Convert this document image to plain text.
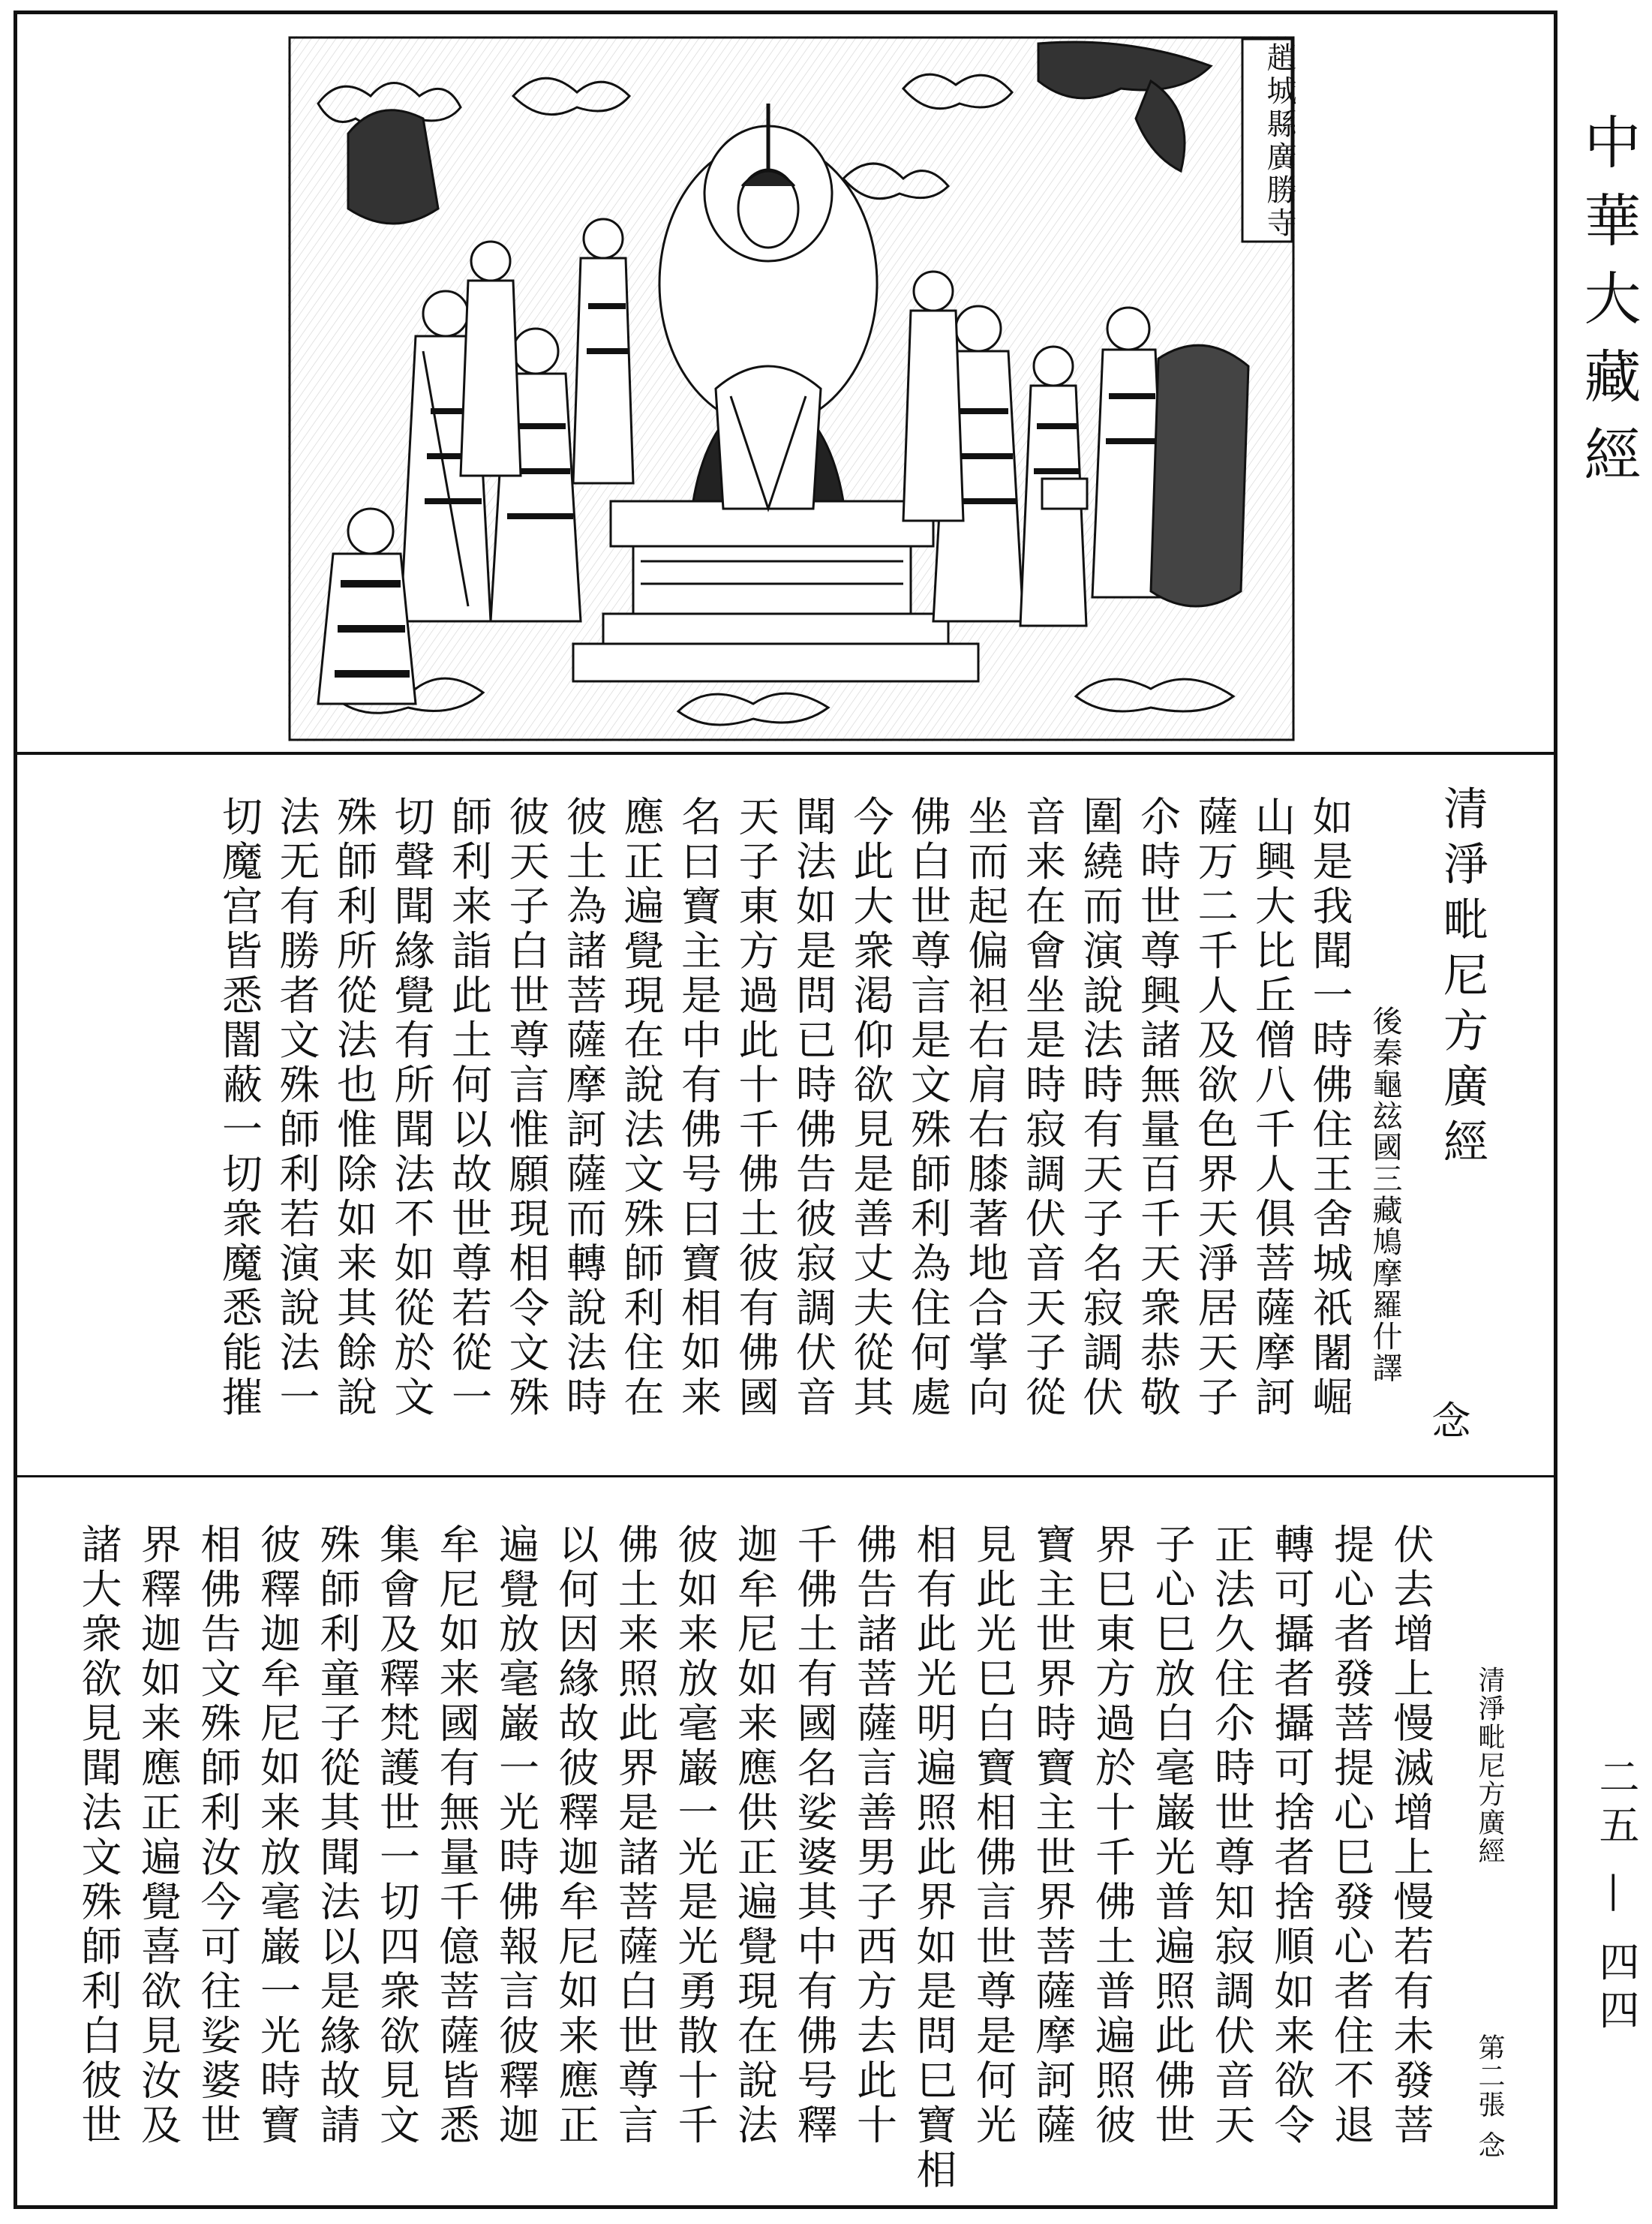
中華大藏經
二五 — 四四
趙城縣廣勝寺
清淨毗尼方廣經
後秦龜玆國三藏鳩摩羅什譯
念
如是我聞一時佛住王舍城祇闍崛
山興大比丘僧八千人俱菩薩摩訶
薩万二千人及欲色界天淨居天子
尒時世尊興諸無量百千天衆恭敬
圍繞而演說法時有天子名寂調伏
音来在會坐是時寂調伏音天子從
坐而起偏袒右肩右膝著地合掌向
佛白世尊言是文殊師利為住何處
今此大衆渇仰欲見是善丈夫從其
聞法如是問已時佛告彼寂調伏音
天子東方過此十千佛土彼有佛國
名曰寶主是中有佛号曰寶相如来
應正遍覺現在說法文殊師利住在
彼土為諸菩薩摩訶薩而轉說法時
彼天子白世尊言惟願現相令文殊
師利来詣此土何以故世尊若從一
切聲聞緣覺有所聞法不如從於文
殊師利所從法也惟除如来其餘說
法无有勝者文殊師利若演說法一
切魔宫皆悉闇蔽一切衆魔悉能摧
清淨毗尼方廣經
第二張
念
伏去增上慢滅增上慢若有未發菩
提心者發菩提心巳發心者住不退
轉可攝者攝可捨者捨順如来欲令
正法久住尒時世尊知寂調伏音天
子心巳放白毫巌光普遍照此佛世
界巳東方過於十千佛土普遍照彼
寶主世界時寶主世界菩薩摩訶薩
見此光巳白寶相佛言世尊是何光
相有此光明遍照此界如是問巳寶相
佛告諸菩薩言善男子西方去此十
千佛土有國名娑婆其中有佛号釋
迦牟尼如来應供正遍覺現在說法
彼如来放毫巌一光是光勇散十千
佛土来照此界是諸菩薩白世尊言
以何因緣故彼釋迦牟尼如来應正
遍覺放毫巌一光時佛報言彼釋迦
牟尼如来國有無量千億菩薩皆悉
集會及釋梵護世一切四衆欲見文
殊師利童子從其聞法以是緣故請
彼釋迦牟尼如来放毫巌一光時寶
相佛告文殊師利汝今可往娑婆世
界釋迦如来應正遍覺喜欲見汝及
諸大衆欲見聞法文殊師利白彼世
